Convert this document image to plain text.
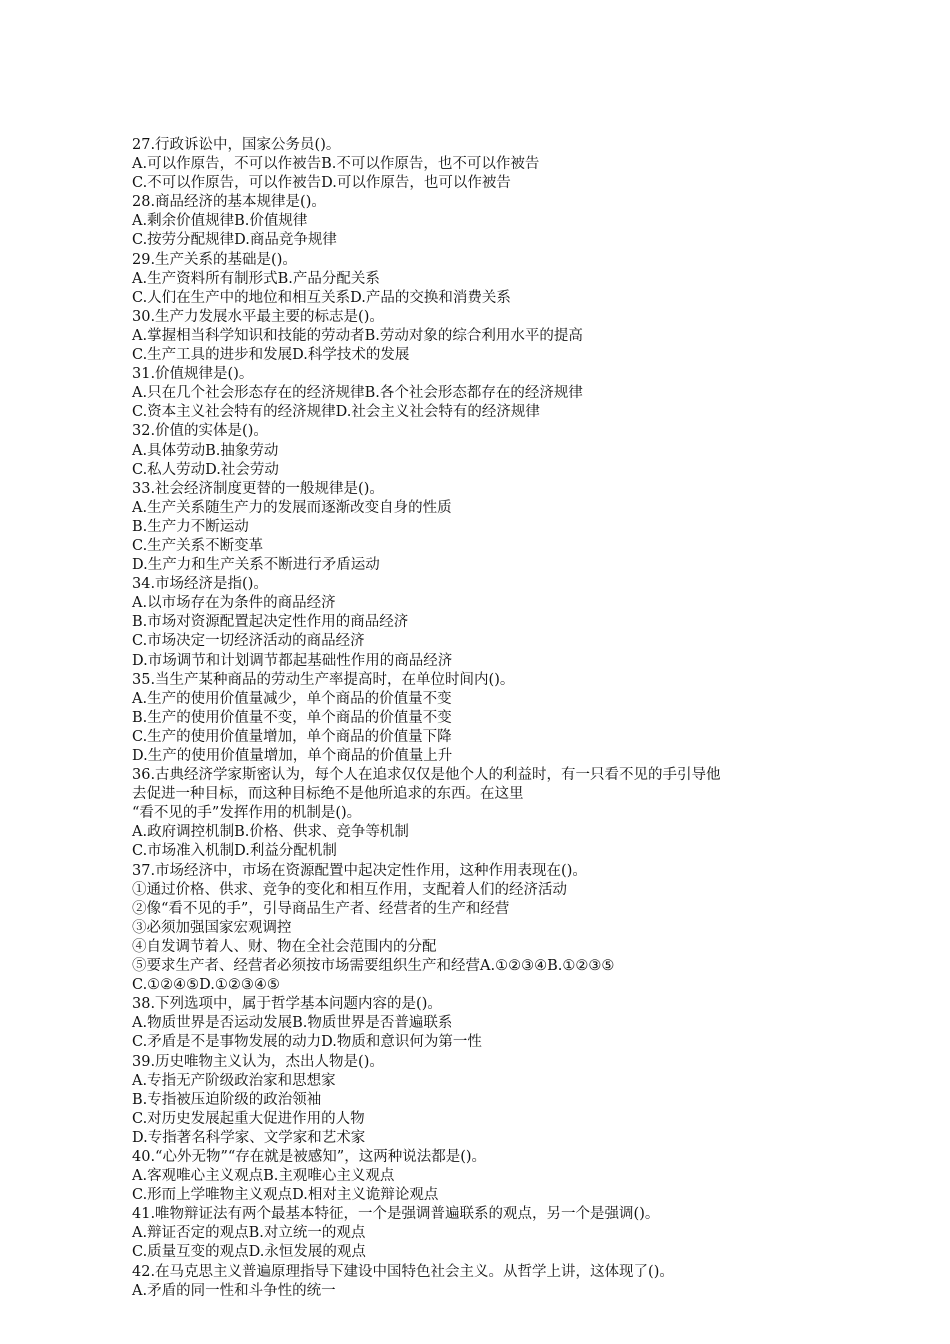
27.行政诉讼中，国家公务员()。
A.可以作原告，不可以作被告B.不可以作原告，也不可以作被告
C.不可以作原告，可以作被告D.可以作原告，也可以作被告
28.商品经济的基本规律是()。
A.剩余价值规律B.价值规律
C.按劳分配规律D.商品竞争规律
29.生产关系的基础是()。
A.生产资料所有制形式B.产品分配关系
C.人们在生产中的地位和相互关系D.产品的交换和消费关系
30.生产力发展水平最主要的标志是()。
A.掌握相当科学知识和技能的劳动者B.劳动对象的综合利用水平的提高
C.生产工具的进步和发展D.科学技术的发展
31.价值规律是()。
A.只在几个社会形态存在的经济规律B.各个社会形态都存在的经济规律
C.资本主义社会特有的经济规律D.社会主义社会特有的经济规律
32.价值的实体是()。
A.具体劳动B.抽象劳动
C.私人劳动D.社会劳动
33.社会经济制度更替的一般规律是()。
A.生产关系随生产力的发展而逐渐改变自身的性质
B.生产力不断运动
C.生产关系不断变革
D.生产力和生产关系不断进行矛盾运动
34.市场经济是指()。
A.以市场存在为条件的商品经济
B.市场对资源配置起决定性作用的商品经济
C.市场决定一切经济活动的商品经济
D.市场调节和计划调节都起基础性作用的商品经济
35.当生产某种商品的劳动生产率提高时，在单位时间内()。
A.生产的使用价值量减少，单个商品的价值量不变
B.生产的使用价值量不变，单个商品的价值量不变
C.生产的使用价值量增加，单个商品的价值量下降
D.生产的使用价值量增加，单个商品的价值量上升
36.古典经济学家斯密认为，每个人在追求仅仅是他个人的利益时，有一只看不见的手引导他
去促进一种目标，而这种目标绝不是他所追求的东西。在这里
“看不见的手”发挥作用的机制是()。
A.政府调控机制B.价格、供求、竞争等机制
C.市场准入机制D.利益分配机制
37.市场经济中，市场在资源配置中起决定性作用，这种作用表现在()。
①通过价格、供求、竞争的变化和相互作用，支配着人们的经济活动
②像“看不见的手”，引导商品生产者、经营者的生产和经营
③必须加强国家宏观调控
④自发调节着人、财、物在全社会范围内的分配
⑤要求生产者、经营者必须按市场需要组织生产和经营A.①②③④B.①②③⑤
C.①②④⑤D.①②③④⑤
38.下列选项中，属于哲学基本问题内容的是()。
A.物质世界是否运动发展B.物质世界是否普遍联系
C.矛盾是不是事物发展的动力D.物质和意识何为第一性
39.历史唯物主义认为，杰出人物是()。
A.专指无产阶级政治家和思想家
B.专指被压迫阶级的政治领袖
C.对历史发展起重大促进作用的人物
D.专指著名科学家、文学家和艺术家
40.“心外无物”“存在就是被感知”，这两种说法都是()。
A.客观唯心主义观点B.主观唯心主义观点
C.形而上学唯物主义观点D.相对主义诡辩论观点
41.唯物辩证法有两个最基本特征，一个是强调普遍联系的观点，另一个是强调()。
A.辩证否定的观点B.对立统一的观点
C.质量互变的观点D.永恒发展的观点
42.在马克思主义普遍原理指导下建设中国特色社会主义。从哲学上讲，这体现了()。
A.矛盾的同一性和斗争性的统一
